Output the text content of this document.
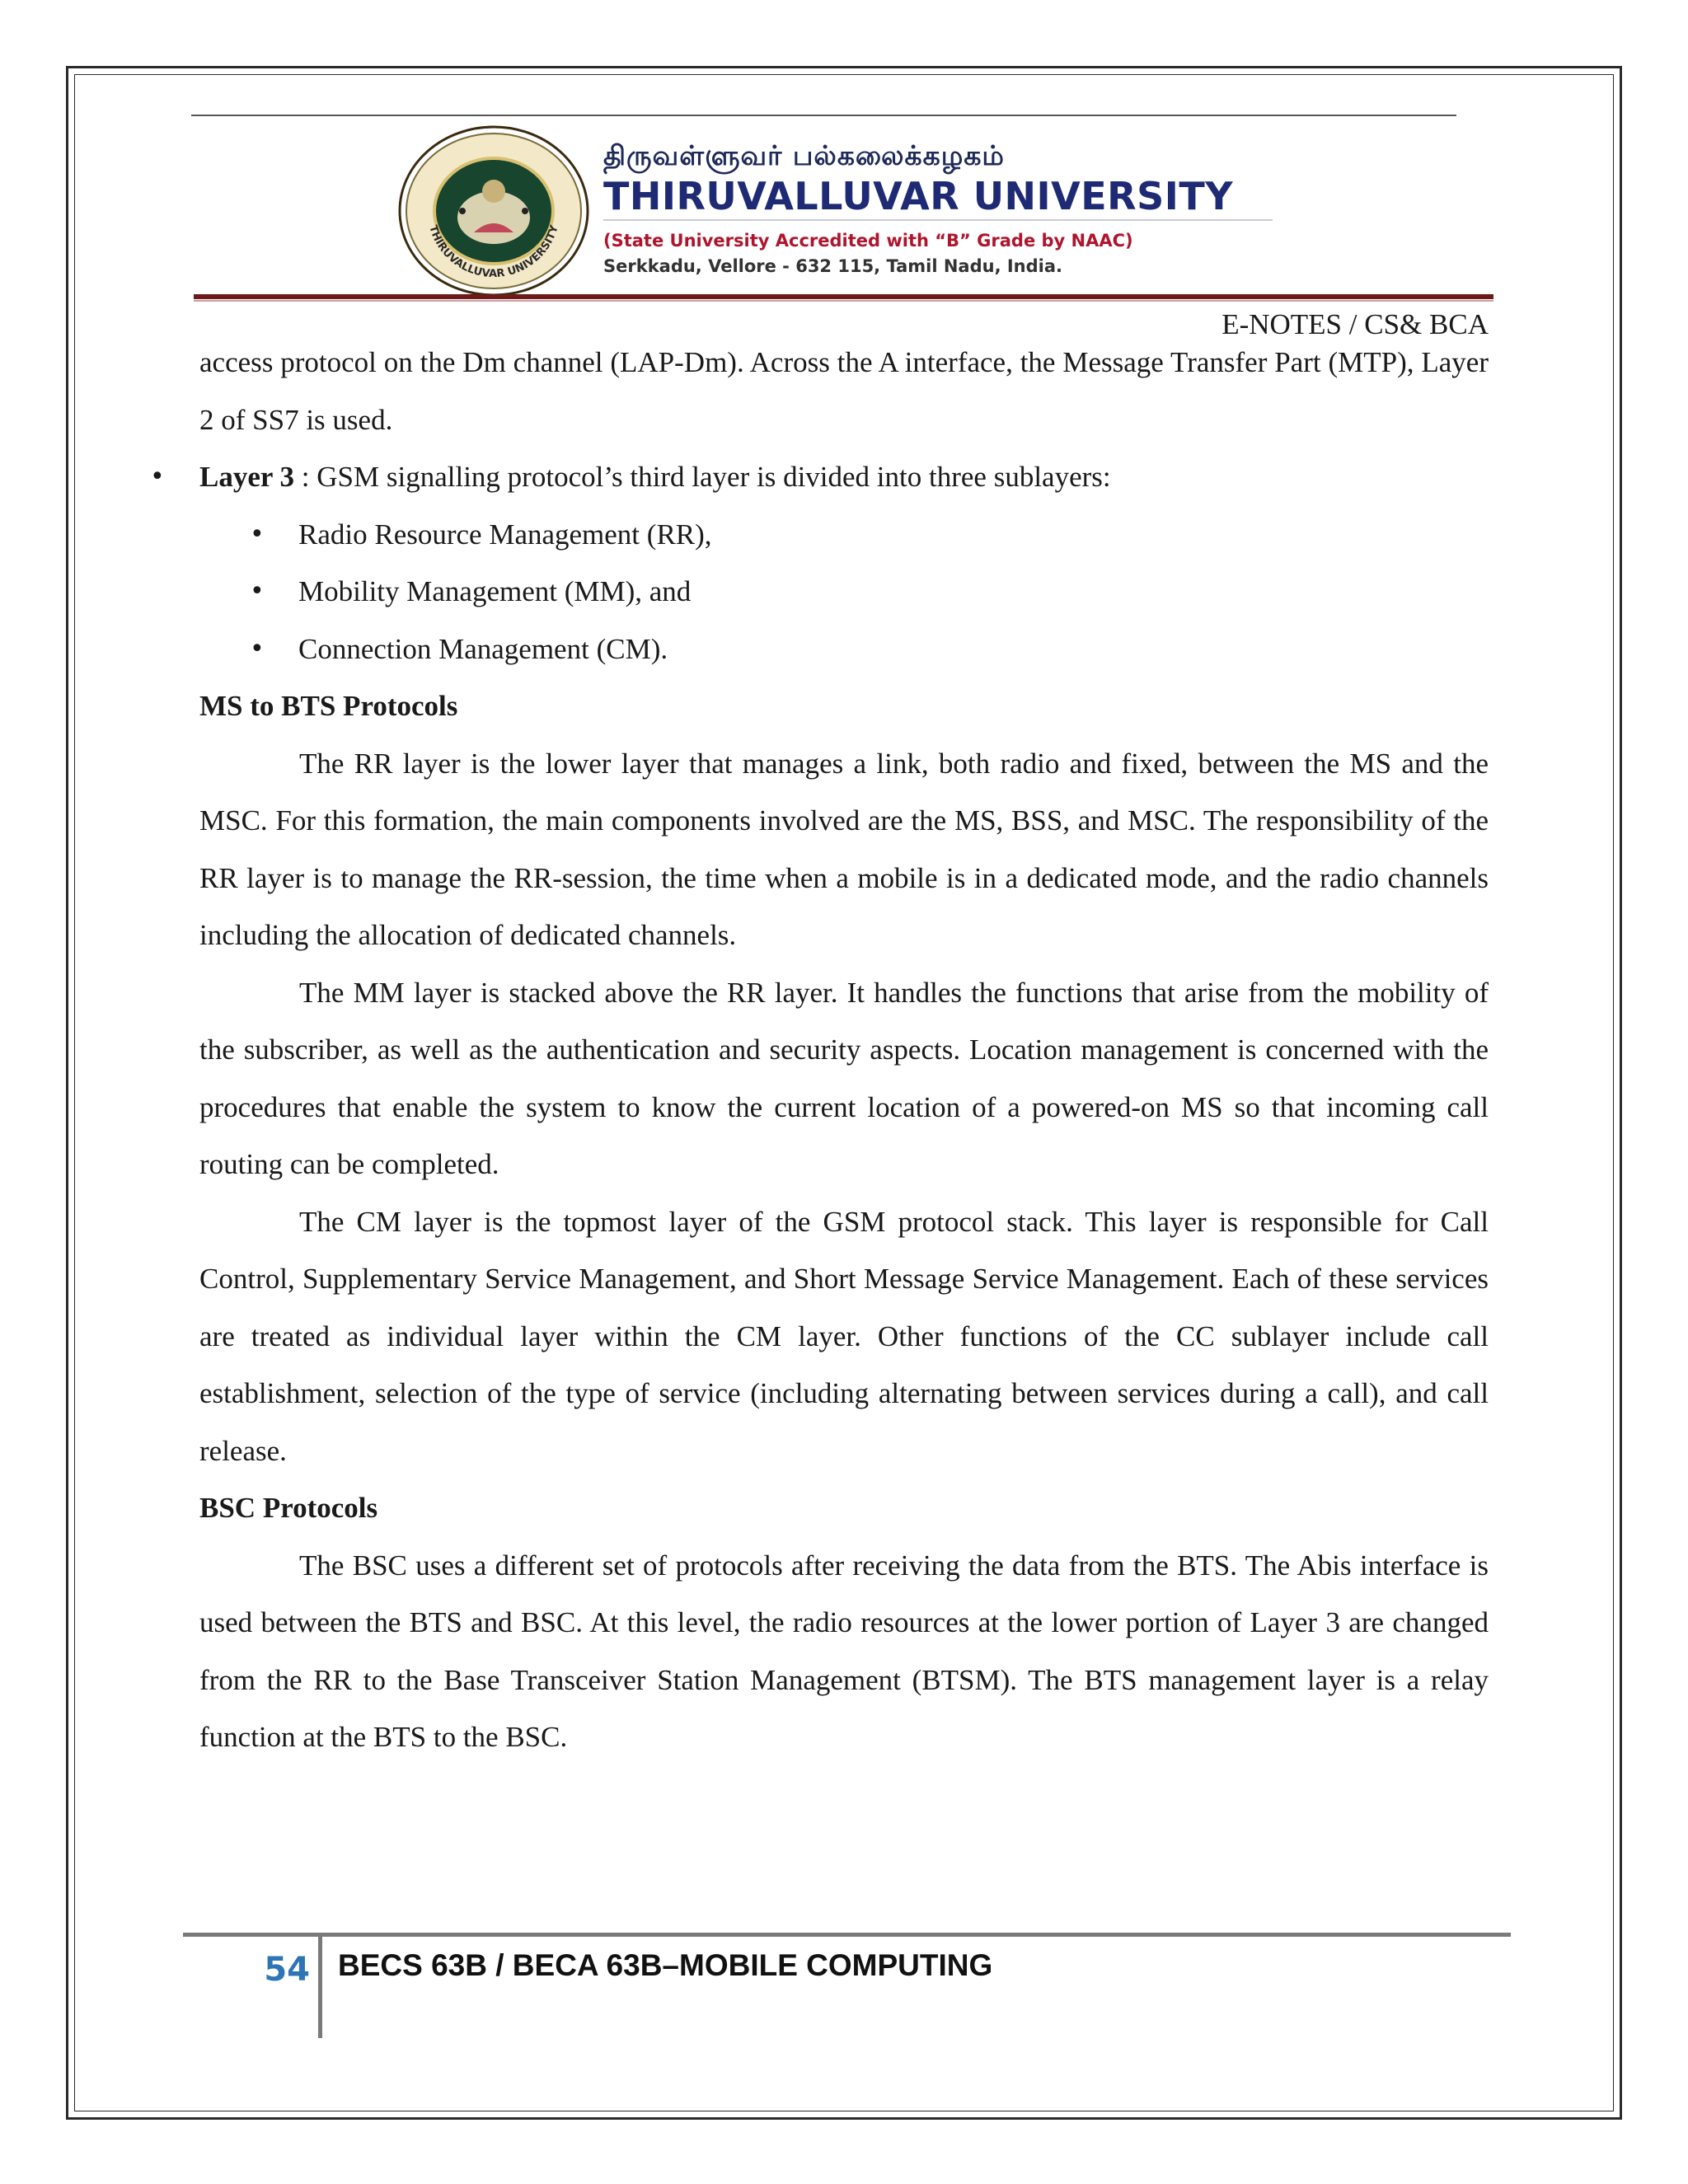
THIRUVALLUVAR UNIVERSITY
திருவள்ளுவர் பல்கலைக்கழகம்
THIRUVALLUVAR UNIVERSITY
(State University Accredited with “B” Grade by NAAC)
Serkkadu, Vellore - 632 115, Tamil Nadu, India.
E-NOTES / CS& BCA

access protocol on the Dm channel (LAP-Dm). Across the A interface, the Message Transfer Part (MTP), Layer 2 of SS7 is used.

• Layer 3 : GSM signalling protocol’s third layer is divided into three sublayers:

• Radio Resource Management (RR),

• Mobility Management (MM), and

• Connection Management (CM).

MS to BTS Protocols

The RR layer is the lower layer that manages a link, both radio and fixed, between the MS and the MSC. For this formation, the main components involved are the MS, BSS, and MSC. The responsibility of the RR layer is to manage the RR-session, the time when a mobile is in a dedicated mode, and the radio channels including the allocation of dedicated channels.

The MM layer is stacked above the RR layer. It handles the functions that arise from the mobility of the subscriber, as well as the authentication and security aspects. Location management is concerned with the procedures that enable the system to know the current location of a powered-on MS so that incoming call routing can be completed.

The CM layer is the topmost layer of the GSM protocol stack. This layer is responsible for Call Control, Supplementary Service Management, and Short Message Service Management. Each of these services are treated as individual layer within the CM layer. Other functions of the CC sublayer include call establishment, selection of the type of service (including alternating between services during a call), and call release.

BSC Protocols

The BSC uses a different set of protocols after receiving the data from the BTS. The Abis interface is used between the BTS and BSC. At this level, the radio resources at the lower portion of Layer 3 are changed from the RR to the Base Transceiver Station Management (BTSM). The BTS management layer is a relay function at the BTS to the BSC.

54 BECS 63B / BECA 63B–MOBILE COMPUTING
